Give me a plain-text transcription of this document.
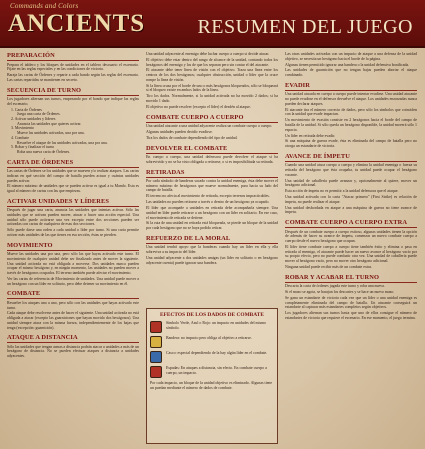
Commands and Colors
ANCIENTS	RESUMEN DEL JUEGO
PREPARACIÓN
Prepara el tablero y los bloques de unidades en el tablero descuarto el escenario. Fíjate en las reglas especiales y en las condiciones de victoria.
Baraja las cartas de Órdenes y reparte a cada bando según las reglas del escenario. Las cartas repartidas se mantienen en secreto.
SECUENCIA DE TURNO
Los jugadores alternan sus turnos, empezando por el bando que indique las reglas del escenario.
1. Carta de Órdenes
Juega una carta de Órdenes.
2. Activar unidades y líderes
Anuncia las unidades que quieres activar.
3. Movimiento
Mueve las unidades activadas, una por una.
4. Combate
Resuelve el ataque de las unidades activadas, una por una.
5. Robar y finalizar el turno
Roba una nueva carta de Órdenes.
CARTA DE ÓRDENES
Las cartas de Órdenes se los unidades que se mueven y/o realizar ataques. Las cartas indican en qué sección del campo de batalla pueden actuar y cuántas unidades puedes activar.
El número máximo de unidades que se pueden activar es igual a tu Mando. Esta es igual al número de cartas con las que empiezas.
ACTIVAR UNIDADES Y LÍDERES
Después de jugar una carta, anuncia las unidades que intentas activar. Sólo las unidades que se activan pueden mover, atacar o hacer una acción especial. Una unidad sólo puede activarse una vez excepto entre dos secciones pueden ser activadas con cartas de cualquiera de esas dos secciones.
Sólo puede darse una orden a cada unidad o líder por turno. Si una carta permite activar más unidades de las que tienes en esa sección, éstas se pierden.
MOVIMIENTO
Mueve las unidades una por una, pero sólo las que hayas activado este turno. El movimiento de cualquier unidad debe ser finalizado antes de mover la siguiente. Una unidad activada no está obligada a moverse. Dos unidades nunca pueden ocupar el mismo hexágono y, en ningún momento, las unidades no pueden mover a través de hexágonos ocupados. El terreno también puede afectar el movimiento.
Ver las cartas de referencia de Movimiento de unidades. Una unidad puede mover a un hexágono con un líder en solitario, pero debe detener su movimiento en él.
COMBATE
Resuelve los ataques uno a uno, pero sólo con las unidades que hayas activado este turno.
Cada ataque debe resolverse antes de hacer el siguiente. Una unidad activada no está obligada a atacar (excepto las guarniciones que hayan movido dos hexágonos). Una unidad siempre ataca con la misma fuerza, independientemente de los bajas que tenga (excepción: guarnición).
ATAQUE A DISTANCIA
Sólo las unidades que tengan armas a distancia podrán atacar a unidades a más de un hexágono de distancia. No se pueden efectuar ataques a distancia a unidades adyacentes.
Una unidad adyacente al enemigo debe luchar cuerpo a cuerpo si decide atacar.
El objetivo debe estar dentro del rango de alcance de la unidad, contando todos los hexágonos del enemigo y los de que los separan pero sin contar el del atacante.
El atacante debe tener línea de visión con el objetivo. Traza una línea entre los centros de los dos hexágonos; cualquier obstrucción, unidad o líder que la cruce rompe la línea de visión.
Si la línea cruza por el borde de uno o más hexágonos bloqueados, sólo se bloqueará si el bloqueo existe en ambos lados de la línea.
Tiro los dados. Normalmente, si la unidad activada no ha movido 2 dados; si ha movido 1 dado.
El objetivo no puede resolver (excepto el líder) el desdén al ataque.
COMBATE CUERPO A CUERPO
Una unidad atacante a una unidad adyacente realiza un combate cuerpo a cuerpo.
Algunas unidades pueden decidir evadirse.
Tira los dados de combate dependiendo del tipo de unidad.
DEVOLVER EL COMBATE
En cuerpo a cuerpo, una unidad defensora puede devolver el ataque si ha sobrevivido y no se ha visto obligada a retirarse, o si es imposibilitada su retirada.
RETIRADAS
Por cada símbolo de banderas sacado contra la unidad enemiga, ésta debe mover el número máximo de hexágonos que mueve normalmente, para hacia su lado del campo de batalla.
El terreno no afecta al movimiento de retirada, excepto terrenos impracticables.
Las unidades no pueden retirarse a través o dentro de un hexágono ya ocupado.
El líder que acompañe a unidades en retirada debe acompañarla siempre. Una unidad en líder puede retirarse a un hexágono con un líder en solitario. En ese caso, el movimiento de retirada se detiene.
Si la ruta de una unidad en retirada está bloqueada, se pierde un bloque de la unidad por cada hexágono que no se haya podido retirar.
REFUERZO DE LA MORAL
Una unidad tendrá apoyo que la banderas cuando hay un líder en ella y ella sobreviva a su impacto del líder.
Una unidad adyacente a dos unidades amigas (un líder en solitario o en hexágono adyacente cuenta) puede ignorar una bandera.
Las otras unidades activadas con un impacto de ataque a una defensa de la unidad objetivo, se necesita un hexágono hacia el borde de la página.
Algunas tienen permitido ignorar una bandera o la unidad defensiva bonificada.
Las unidades de guarnición que no tengan bajas pueden abortar el ataque combinado.
EVADIR
Una unidad atacada en cuerpo a cuerpo puede intentar evadirse. Una unidad atacante no puede evadirse en el defensor devuelve el ataque. Los unidades enzarzadas nunca pueden declarar ataques.
El atacante tira el número correcto de dados, pero sólo los símbolos que coinciden con la unidad que evade impactan.
Un movimiento de evasión consiste en 2 hexágonos hacia el borde del campo de batalla de la unidad. Si sólo queda un hexágono disponible, la unidad moverá sólo 1 espacio.
Un líder en retirada debe evadir.
Si una máquina de guerra evade, ésta es eliminada del campo de batalla pero no otorga un estandarte de victoria.
AVANCE DE ÍMPETU
Cuando una unidad ataca cuerpo a cuerpo y elimina la unidad enemiga o fuerza su retirada del hexágono que ésta ocupaba, tu unidad puede ocupar el hexágono vacante.
Una unidad de caballería puede avanzar y, opcionalmente al quiere, mover un hexágono adicional.
Esta acción de ímpetu no es permitir a la unidad defensora que el ataque.
Una unidad activada con la carta "Atacar primero" (First Strike) es relación de ímpetu, no puede realizar el ataque.
Una unidad desbordada en ataque a una máquina de guerra no tiene avance de ímpetu.
COMBATE CUERPO A CUERPO EXTRA
Después de un combate cuerpo a cuerpo exitoso, algunas unidades tienen la opción de además de hacer su avance de ímpetu, comenzar un nuevo combate cuerpo a cuerpo desde el nuevo hexágono que ocupan.
El líder tiene combate cuerpo a cuerpo tiene también éxito y elimina o pasa en retirada al enemigo, el atacante puede hacer un nuevo avance al hexágono vacío por su propio efecto, pero no puede combatir otra vez. Una unidad de caballería puede mover al hexágono vacío, pero no mover otro hexágono adicional.
Ninguna unidad puede recibir más de un combate extra.
ROBAR Y ACABAR EL TURNO
Descarta la carta de órdenes jugada este turno y roba una nueva.
Si el mazo se agota, se barajan los descartes y se hace un nuevo mazo.
Se gana un estandarte de victoria cada vez que un líder o una unidad enemiga es completamente eliminada del campo de batalla. Un atacante conseguirá un estandarte al capturar más estandartes completos según objetivos.
Los jugadores alternan sus turnos hasta que uno de ellos consigue el número de estandartes de victoria que requiere el escenario. En ese momento, el juego termina.
EFECTOS DE LOS DADOS DE COMBATE
Símbolo Verde, Azul o Rojo: un impacto en unidades del mismo símbolo.
Bandera: no impacto pero obliga al objetivo a retirarse.
Casco: especial dependiendo de la hay algún líder en el combate.
Espadas: En ataques a distancia, sin efecto. En combate cuerpo a cuerpo, un impacto.
Por cada impacto, un bloque de la unidad objetivo es eliminado. Algunas tiene un puedan mediante el número de dados de combate.
